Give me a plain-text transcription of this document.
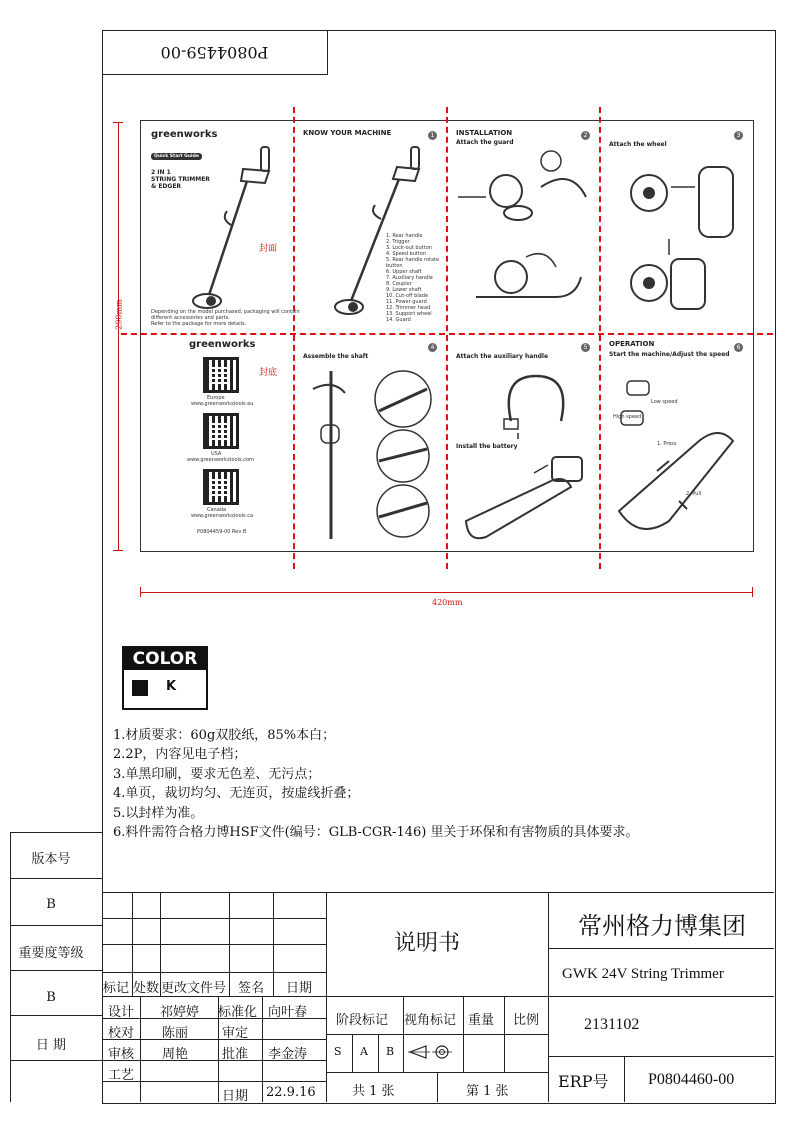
P0804459-00
290mm
420mm
greenworks
Quick Start Guide
2 IN 1
STRING TRIMMER
& EDGER
封面
Depending on the model purchased, packaging will contain
different accessories and parts.
Refer to the package for more details.
KNOW YOUR MACHINE	1
1. Rear handle
2. Trigger
3. Lock-out button
4. Speed button
5. Rear handle rotate button
6. Upper shaft
7. Auxiliary handle
8. Coupler
9. Lower shaft
10. Cut-off blade
11. Power guard
12. Trimmer head
13. Support wheel
14. Guard
INSTALLATION
Attach the guard
2
Attach the wheel
3
greenworks
封底
Europe
www.greenworkstools.eu
USA
www.greenworkstools.com
Canada
www.greenworkstools.ca
P0804459-00 Rev B
Assemble the shaft
4
Attach the auxiliary handle
5
Install the battery
OPERATION
Start the machine/Adjust the speed
6
Low speed
High speed
1. Press
2. Pull
COLOR
K
1.材质要求：60g双胶纸，85%本白；
2.2P，内容见电子档；
3.单黑印刷，要求无色差、无污点；
4.单页，裁切均匀、无连页，按虚线折叠；
5.以封样为准。
6.料件需符合格力博HSF文件(编号：GLB-CGR-146) 里关于环保和有害物质的具体要求。
版本号
B
重要度等级
B
日 期
标记 处数 更改文件号 签名 日期
设计 祁婷婷 标准化 向叶春
校对 陈丽	审定
审核 周艳	批准 李金涛
工艺
日期 22.9.16
说明书
阶段标记 视角标记 重量 比例
S A B
共 1 张	第 1 张
常州格力博集团
GWK 24V String Trimmer
2131102
ERP号 P0804460-00
